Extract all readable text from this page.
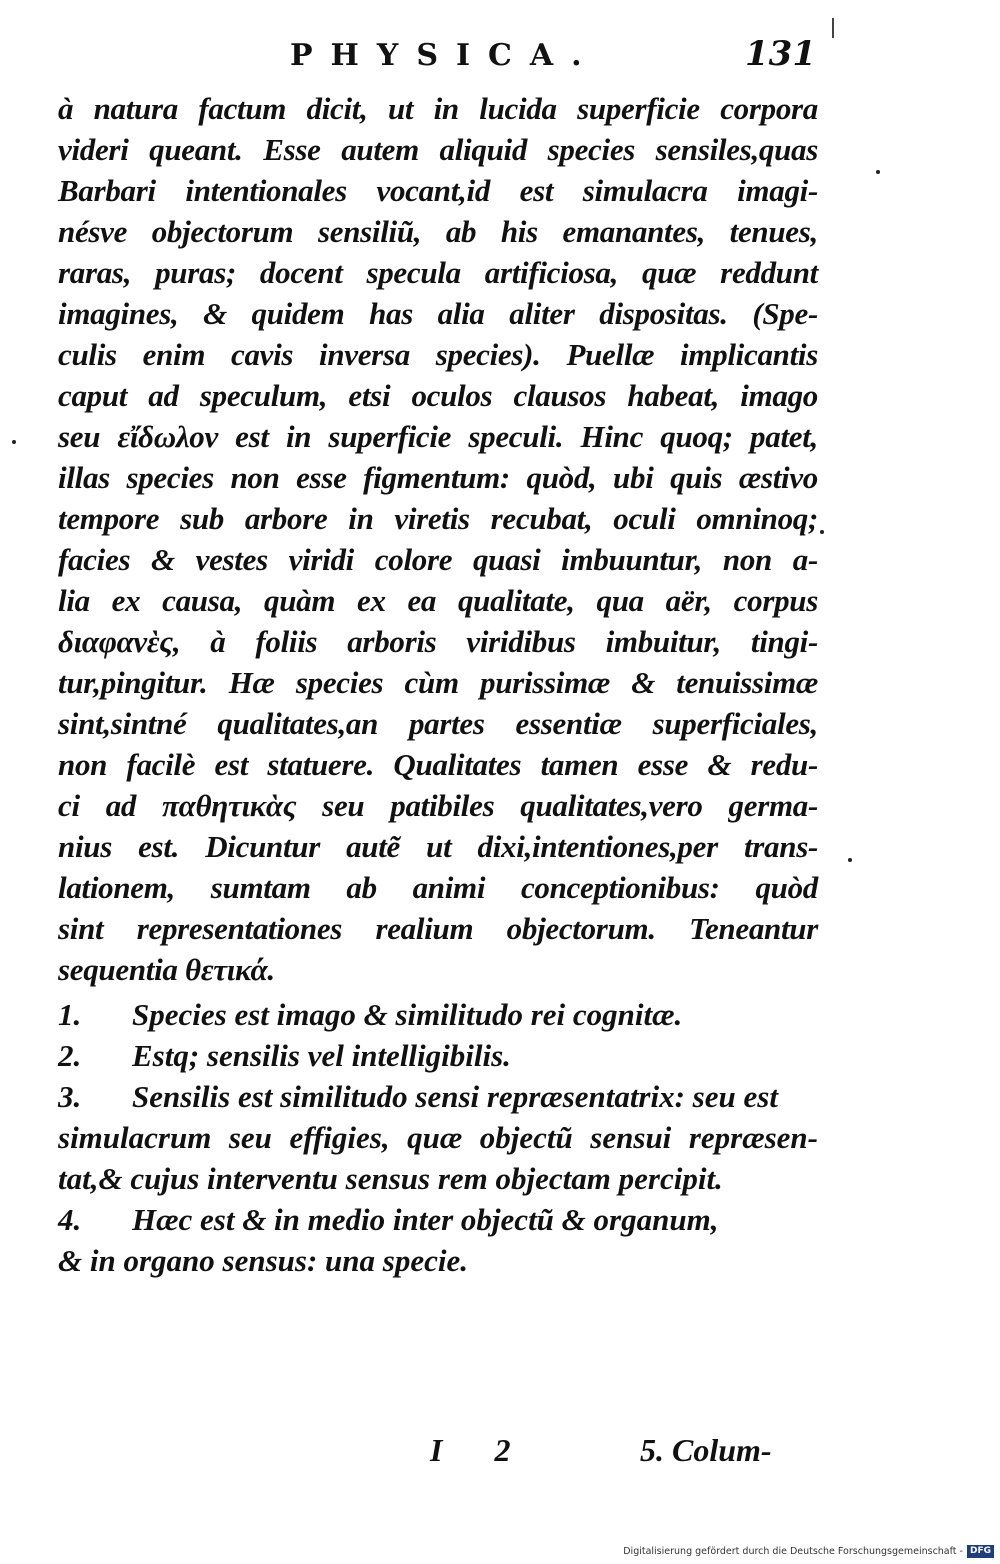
PHYSICA.	131
à natura factum dicit, ut in lucida superficie corpora
videri queant. Esse autem aliquid species sensiles,quas
Barbari intentionales vocant,id est simulacra imagi-
nésve objectorum sensiliũ, ab his emanantes, tenues,
raras, puras; docent specula artificiosa, quæ reddunt
imagines, & quidem has alia aliter dispositas. (Spe-
culis enim cavis inversa species). Puellæ implicantis
caput ad speculum, etsi oculos clausos habeat, imago
seu εἴδωλον est in superficie speculi. Hinc quoq; patet,
illas species non esse figmentum: quòd, ubi quis æstivo
tempore sub arbore in viretis recubat, oculi omninoq;
facies & vestes viridi colore quasi imbuuntur, non a-
lia ex causa, quàm ex ea qualitate, qua aër, corpus
διαφανὲς, à foliis arboris viridibus imbuitur, tingi-
tur,pingitur. Hæ species cùm purissimæ & tenuissimæ
sint,sintné qualitates,an partes essentiæ superficiales,
non facilè est statuere. Qualitates tamen esse & redu-
ci ad παθητικὰς seu patibiles qualitates,vero germa-
nius est. Dicuntur autẽ ut dixi,intentiones,per trans-
lationem, sumtam ab animi conceptionibus: quòd
sint representationes realium objectorum. Teneantur
sequentia θετικά.
1.	Species est imago & similitudo rei cognitæ.
2.	Estq; sensilis vel intelligibilis.
3.	Sensilis est similitudo sensi repræsentatrix: seu est
simulacrum seu effigies, quæ objectũ sensui repræsen-
tat,& cujus interventu sensus rem objectam percipit.
4.	Hæc est & in medio inter objectũ & organum,
& in organo sensus: una specie.
I 2	5. Colum-
Digitalisierung gefördert durch die Deutsche Forschungsgemeinschaft - DFG
